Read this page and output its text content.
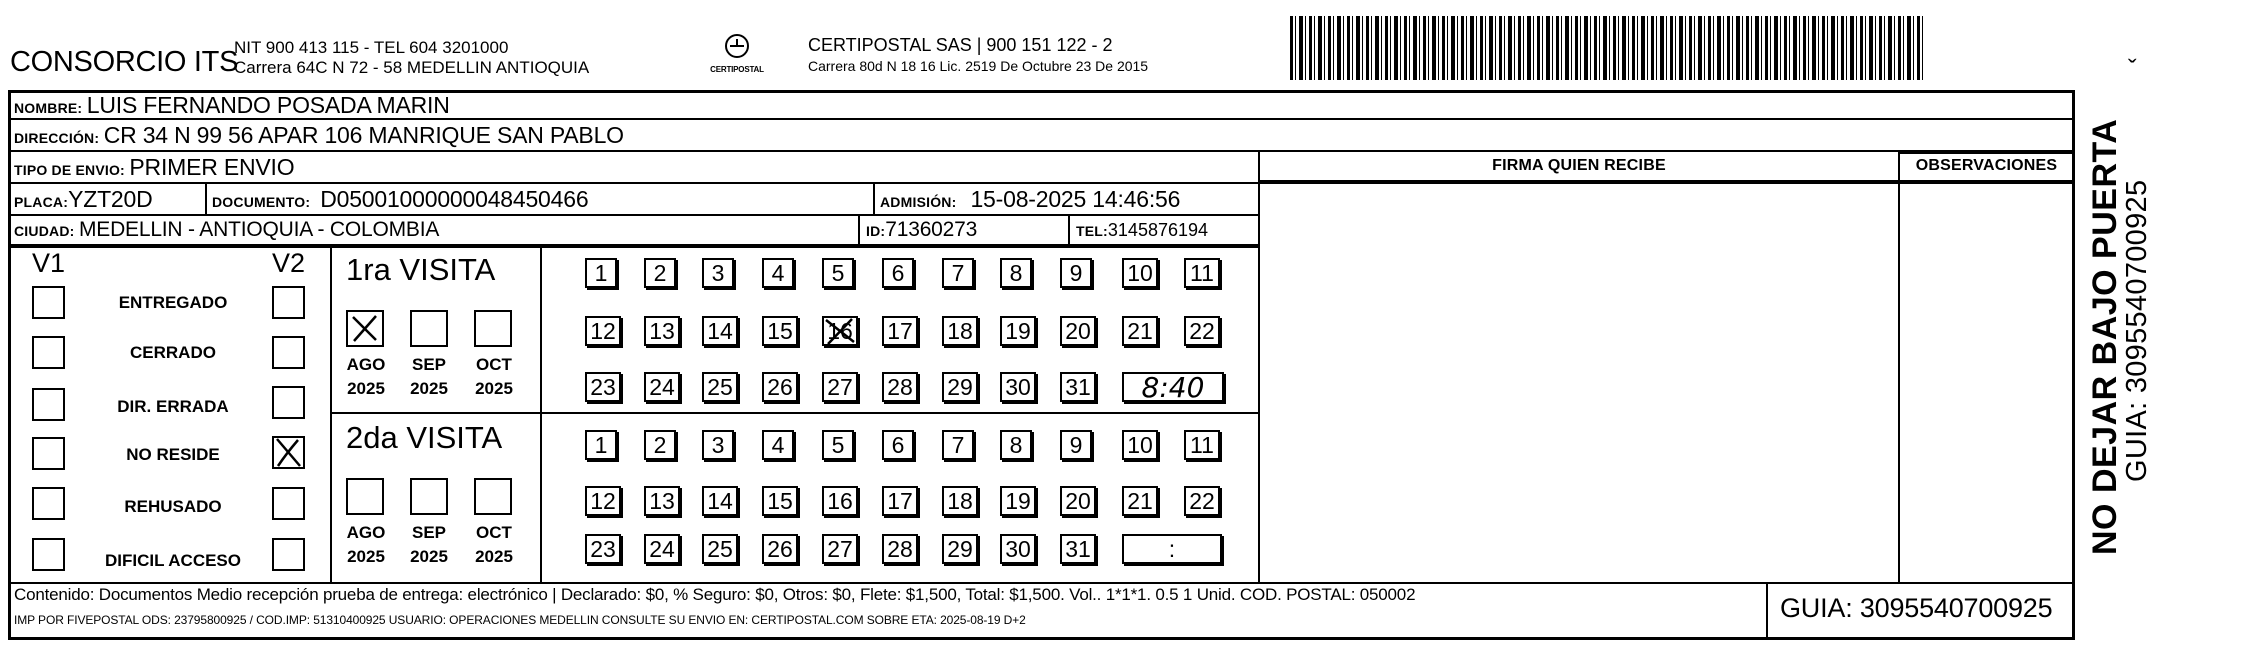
CONSORCIO ITS
NIT 900 413 115 - TEL 604 3201000
Carrera 64C N 72 - 58 MEDELLIN ANTIOQUIA	CERTIPOSTAL
CERTIPOSTAL SAS | 900 151 122 - 2
Carrera 80d N 18 16 Lic. 2519 De Octubre 23 De 2015	ˇ
NOMBRE: LUIS FERNANDO POSADA MARIN
DIRECCIÓN: CR 34 N 99 56 APAR 106 MANRIQUE SAN PABLO
TIPO DE ENVIO: PRIMER ENVIO	FIRMA QUIEN RECIBE	OBSERVACIONES
PLACA:YZT20D	DOCUMENTO: D05001000000048450466	ADMISIÓN: 15-08-2025 14:46:56
CIUDAD: MEDELLIN - ANTIOQUIA - COLOMBIA	ID:71360273	TEL:3145876194
V1	V2
ENTREGADO
CERRADO
DIR. ERRADA
NO RESIDE
REHUSADO
DIFICIL ACCESO
1ra VISITA
AGO	SEP	OCT
2025 2025 2025
2da VISITA
AGO	SEP	OCT
2025 2025 2025
1	2	3	4	5	6	7	8	9	10 11
12 13 14 15 16 17 18 19 20 21 22
23 24 25 26 27 28 29 30 31	8:40
1	2	3	4	5	6	7	8	9	10 11
12 13 14 15 16 17 18 19 20 21 22
23 24 25 26 27 28 29 30 31	:
Contenido: Documentos Medio recepción prueba de entrega: electrónico | Declarado: $0, % Seguro: $0, Otros: $0, Flete: $1,500, Total: $1,500. Vol.. 1*1*1. 0.5 1 Unid. COD. POSTAL: 050002
IMP POR FIVEPOSTAL ODS: 23795800925 / COD.IMP: 51310400925 USUARIO: OPERACIONES MEDELLIN CONSULTE SU ENVIO EN: CERTIPOSTAL.COM SOBRE ETA: 2025-08-19 D+2	GUIA: 3095540700925
NO DEJAR BAJO PUERTA
GUIA: 3095540700925
